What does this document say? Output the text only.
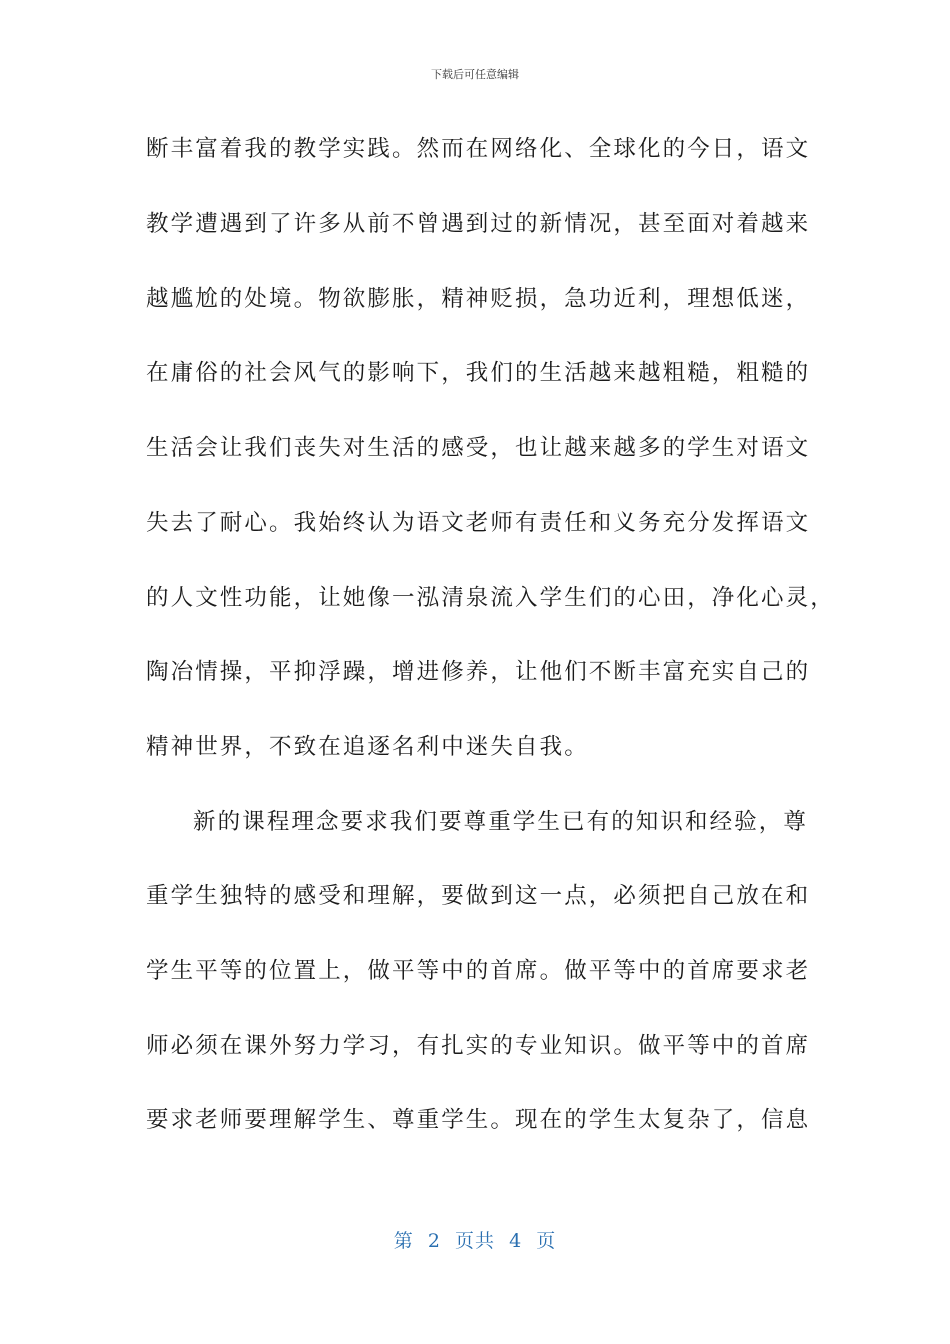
下载后可任意编辑
断丰富着我的教学实践。然而在网络化、全球化的今日，语文
教学遭遇到了许多从前不曾遇到过的新情况，甚至面对着越来
越尴尬的处境。物欲膨胀，精神贬损，急功近利，理想低迷，
在庸俗的社会风气的影响下，我们的生活越来越粗糙，粗糙的
生活会让我们丧失对生活的感受，也让越来越多的学生对语文
失去了耐心。我始终认为语文老师有责任和义务充分发挥语文
的人文性功能，让她像一泓清泉流入学生们的心田，净化心灵，
陶冶情操，平抑浮躁，增进修养，让他们不断丰富充实自己的
精神世界，不致在追逐名利中迷失自我。
新的课程理念要求我们要尊重学生已有的知识和经验，尊
重学生独特的感受和理解，要做到这一点，必须把自己放在和
学生平等的位置上，做平等中的首席。做平等中的首席要求老
师必须在课外努力学习，有扎实的专业知识。做平等中的首席
要求老师要理解学生、尊重学生。现在的学生太复杂了，信息
第  2  页共  4  页
